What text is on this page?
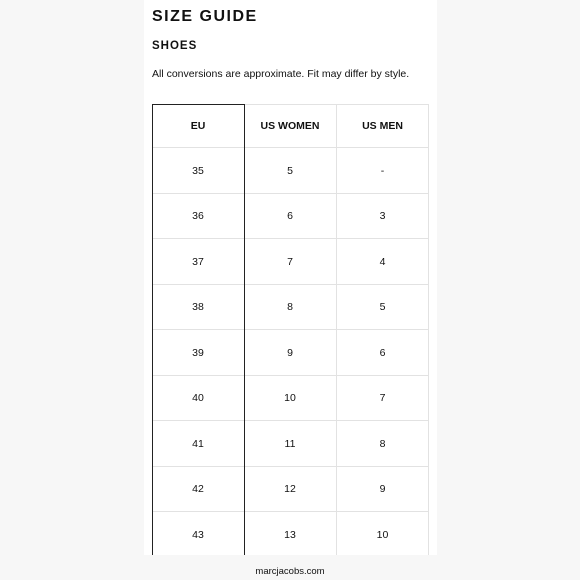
SIZE GUIDE
SHOES
All conversions are approximate. Fit may differ by style.
EU	US WOMEN	US MEN
35	5	-
36	6	3
37	7	4
38	8	5
39	9	6
40	10	7
41	11	8
42	12	9
43	13	10
marcjacobs.com
